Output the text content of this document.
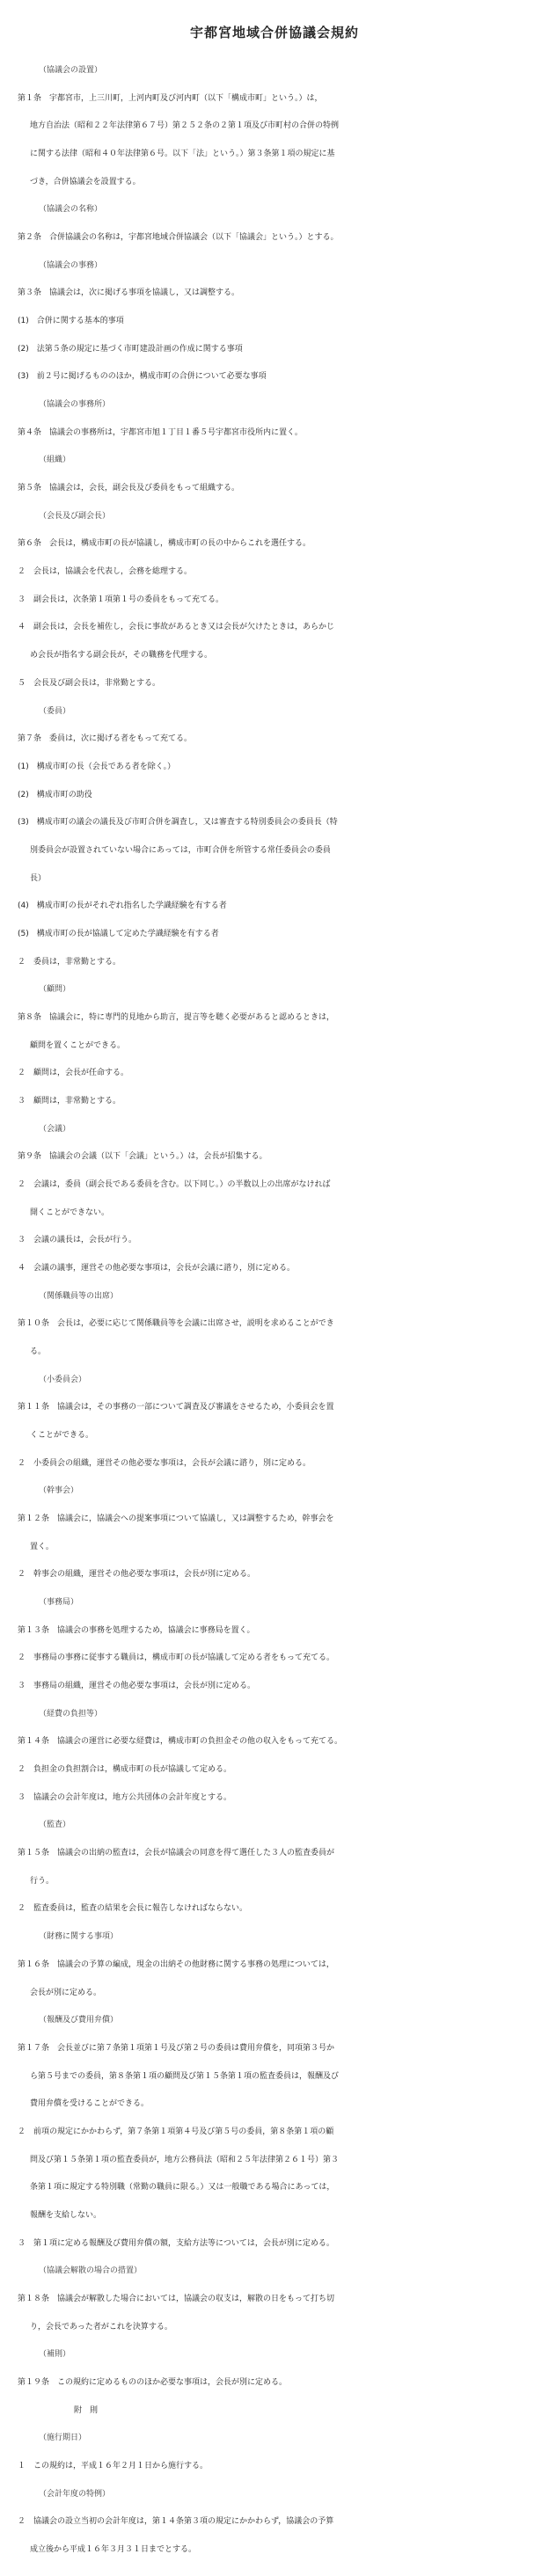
宇都宮地域合併協議会規約
（協議会の設置）
第１条　宇都宮市，上三川町，上河内町及び河内町（以下「構成市町」という。）は，
地方自治法（昭和２２年法律第６７号）第２５２条の２第１項及び市町村の合併の特例
に関する法律（昭和４０年法律第６号。以下「法」という。）第３条第１項の規定に基
づき，合併協議会を設置する。
（協議会の名称）
第２条　合併協議会の名称は，宇都宮地域合併協議会（以下「協議会」という。）とする。
（協議会の事務）
第３条　協議会は，次に掲げる事項を協議し，又は調整する。
(1)　合併に関する基本的事項
(2)　法第５条の規定に基づく市町建設計画の作成に関する事項
(3)　前２号に掲げるもののほか，構成市町の合併について必要な事項
（協議会の事務所）
第４条　協議会の事務所は，宇都宮市旭１丁目１番５号宇都宮市役所内に置く。
（組織）
第５条　協議会は，会長，副会長及び委員をもって組織する。
（会長及び副会長）
第６条　会長は，構成市町の長が協議し，構成市町の長の中からこれを選任する。
２　会長は，協議会を代表し，会務を総理する。
３　副会長は，次条第１項第１号の委員をもって充てる。
４　副会長は，会長を補佐し，会長に事故があるとき又は会長が欠けたときは，あらかじ
め会長が指名する副会長が，その職務を代理する。
５　会長及び副会長は，非常勤とする。
（委員）
第７条　委員は，次に掲げる者をもって充てる。
(1)　構成市町の長（会長である者を除く。）
(2)　構成市町の助役
(3)　構成市町の議会の議長及び市町合併を調査し，又は審査する特別委員会の委員長（特
別委員会が設置されていない場合にあっては，市町合併を所管する常任委員会の委員
長）
(4)　構成市町の長がそれぞれ指名した学識経験を有する者
(5)　構成市町の長が協議して定めた学識経験を有する者
２　委員は，非常勤とする。
（顧問）
第８条　協議会に，特に専門的見地から助言，提言等を聴く必要があると認めるときは，
顧問を置くことができる。
２　顧問は，会長が任命する。
３　顧問は，非常勤とする。
（会議）
第９条　協議会の会議（以下「会議」という。）は，会長が招集する。
２　会議は，委員（副会長である委員を含む。以下同じ。）の半数以上の出席がなければ
開くことができない。
３　会議の議長は，会長が行う。
４　会議の議事，運営その他必要な事項は，会長が会議に諮り，別に定める。
（関係職員等の出席）
第１０条　会長は，必要に応じて関係職員等を会議に出席させ，説明を求めることができ
る。
（小委員会）
第１１条　協議会は，その事務の一部について調査及び審議をさせるため，小委員会を置
くことができる。
２　小委員会の組織，運営その他必要な事項は，会長が会議に諮り，別に定める。
（幹事会）
第１２条　協議会に，協議会への提案事項について協議し，又は調整するため，幹事会を
置く。
２　幹事会の組織，運営その他必要な事項は，会長が別に定める。
（事務局）
第１３条　協議会の事務を処理するため，協議会に事務局を置く。
２　事務局の事務に従事する職員は，構成市町の長が協議して定める者をもって充てる。
３　事務局の組織，運営その他必要な事項は，会長が別に定める。
（経費の負担等）
第１４条　協議会の運営に必要な経費は，構成市町の負担金その他の収入をもって充てる。
２　負担金の負担割合は，構成市町の長が協議して定める。
３　協議会の会計年度は，地方公共団体の会計年度とする。
（監査）
第１５条　協議会の出納の監査は，会長が協議会の同意を得て選任した３人の監査委員が
行う。
２　監査委員は，監査の結果を会長に報告しなければならない。
（財務に関する事項）
第１６条　協議会の予算の編成，現金の出納その他財務に関する事務の処理については，
会長が別に定める。
（報酬及び費用弁償）
第１７条　会長並びに第７条第１項第１号及び第２号の委員は費用弁償を，同項第３号か
ら第５号までの委員，第８条第１項の顧問及び第１５条第１項の監査委員は，報酬及び
費用弁償を受けることができる。
２　前項の規定にかかわらず，第７条第１項第４号及び第５号の委員，第８条第１項の顧
問及び第１５条第１項の監査委員が，地方公務員法（昭和２５年法律第２６１号）第３
条第１項に規定する特別職（常勤の職員に限る。）又は一般職である場合にあっては，
報酬を支給しない。
３　第１項に定める報酬及び費用弁償の額，支給方法等については，会長が別に定める。
（協議会解散の場合の措置）
第１８条　協議会が解散した場合においては，協議会の収支は，解散の日をもって打ち切
り，会長であった者がこれを決算する。
（補則）
第１９条　この規約に定めるもののほか必要な事項は，会長が別に定める。
附　則
（施行期日）
１　この規約は，平成１６年２月１日から施行する。
（会計年度の特例）
２　協議会の設立当初の会計年度は，第１４条第３項の規定にかかわらず，協議会の予算
成立後から平成１６年３月３１日までとする。
